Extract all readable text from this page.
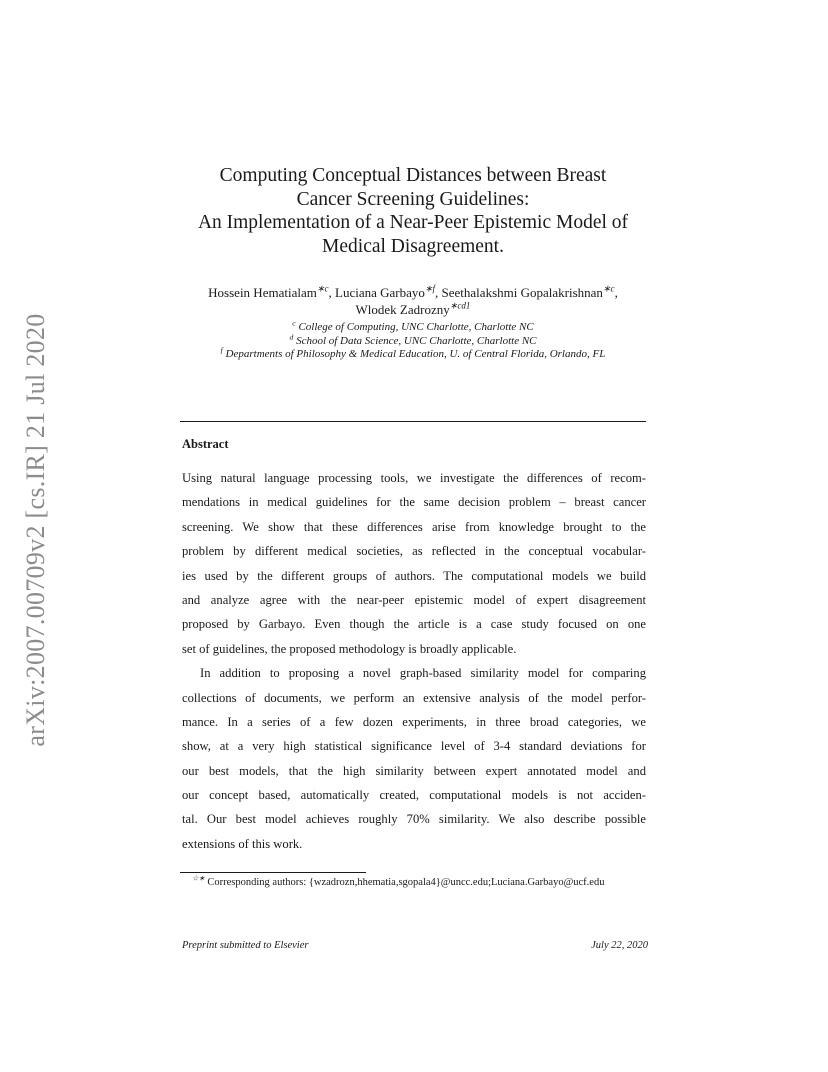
arXiv:2007.00709v2 [cs.IR] 21 Jul 2020
Computing Conceptual Distances between Breast
Cancer Screening Guidelines:
An Implementation of a Near-Peer Epistemic Model of
Medical Disagreement.
Hossein Hematialam$^{∗c}$, Luciana Garbayo$^{∗f}$, Seethalakshmi Gopalakrishnan$^{∗c}$,
Wlodek Zadrozny$^{∗cd1}$
$^c$ College of Computing, UNC Charlotte, Charlotte NC
$^d$ School of Data Science, UNC Charlotte, Charlotte NC
$^f$ Departments of Philosophy & Medical Education, U. of Central Florida, Orlando, FL
Abstract
Using natural language processing tools, we investigate the differences of recom-
mendations in medical guidelines for the same decision problem – breast cancer
screening. We show that these differences arise from knowledge brought to the
problem by different medical societies, as reflected in the conceptual vocabular-
ies used by the different groups of authors. The computational models we build
and analyze agree with the near-peer epistemic model of expert disagreement
proposed by Garbayo. Even though the article is a case study focused on one
set of guidelines, the proposed methodology is broadly applicable.
In addition to proposing a novel graph-based similarity model for comparing
collections of documents, we perform an extensive analysis of the model perfor-
mance. In a series of a few dozen experiments, in three broad categories, we
show, at a very high statistical significance level of 3-4 standard deviations for
our best models, that the high similarity between expert annotated model and
our concept based, automatically created, computational models is not acciden-
tal. Our best model achieves roughly 70% similarity. We also describe possible
extensions of this work.
☆∗ Corresponding authors: {wzadrozn,hhematia,sgopala4}@uncc.edu;Luciana.Garbayo@ucf.edu
Preprint submitted to Elsevier	July 22, 2020
